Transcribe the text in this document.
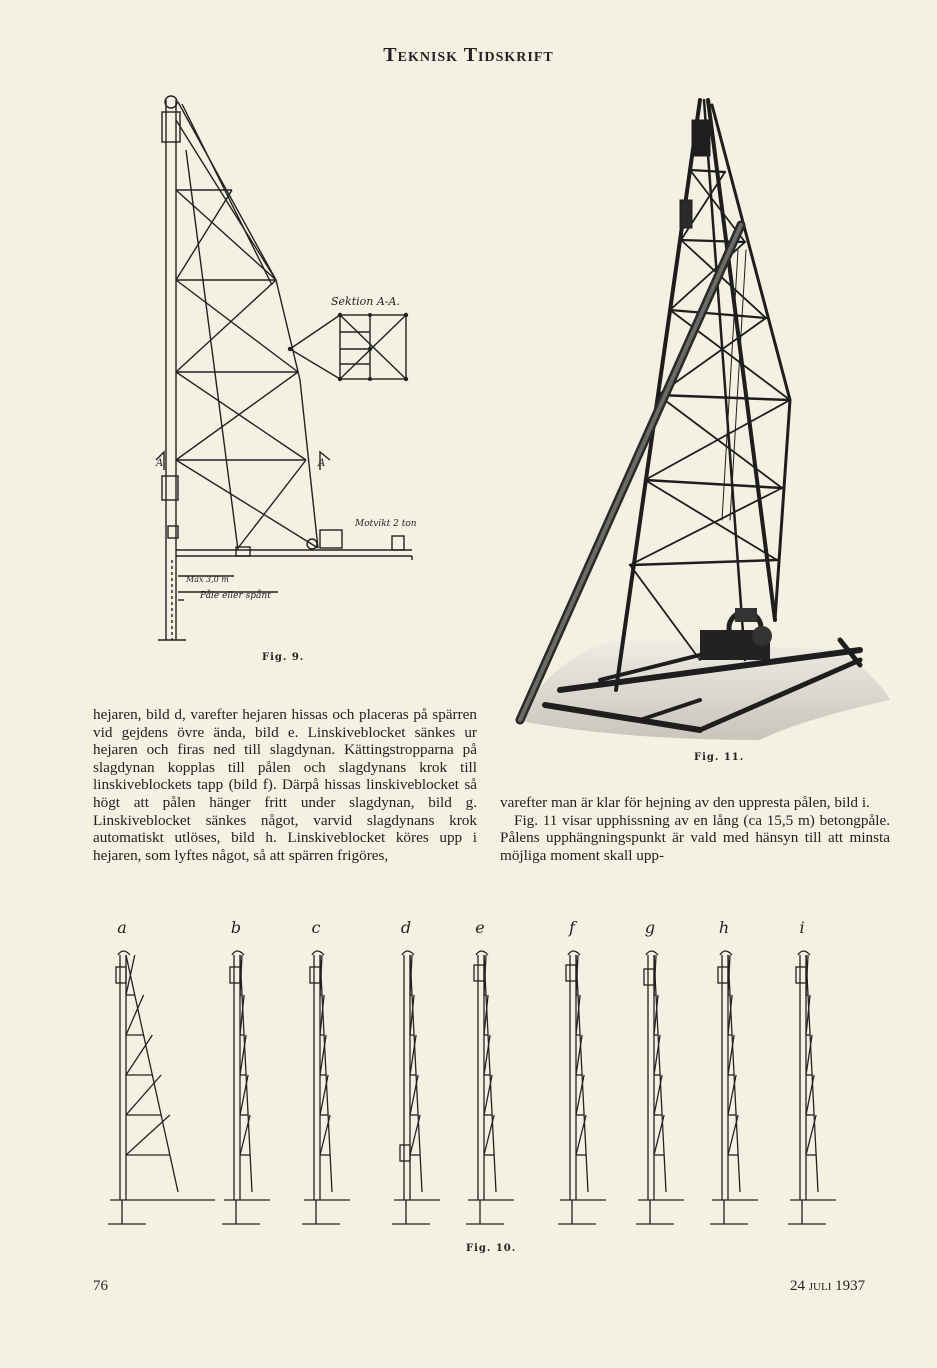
Teknisk Tidskrift
Sektion A-A.
A	A
Motvikt 2 ton
Max 3,0 m
Påle eller spånt
Fig. 9.
Fig. 11.

hejaren, bild d, varefter hejaren hissas och placeras på spärren vid gejdens övre ända, bild e. Linskiveblocket sänkes ur hejaren och firas ned till slagdynan. Kättingstropparna på slagdynan kopplas till pålen och slagdynans krok till linskiveblockets tapp (bild f). Därpå hissas linskiveblocket så högt att pålen hänger fritt under slagdynan, bild g. Linskiveblocket sänkes något, varvid slagdynans krok automatiskt utlöses, bild h. Linskiveblocket köres upp i hejaren, som lyftes något, så att spärren frigöres,

varefter man är klar för hejning av den uppresta pålen, bild i.

Fig. 11 visar upphissning av en lång (ca 15,5 m) betongpåle. Pålens upphängningspunkt är vald med hänsyn till att minsta möjliga moment skall upp-

a	b	c	d	e	f	g	h	i
Fig. 10.
76	24 juli 1937
